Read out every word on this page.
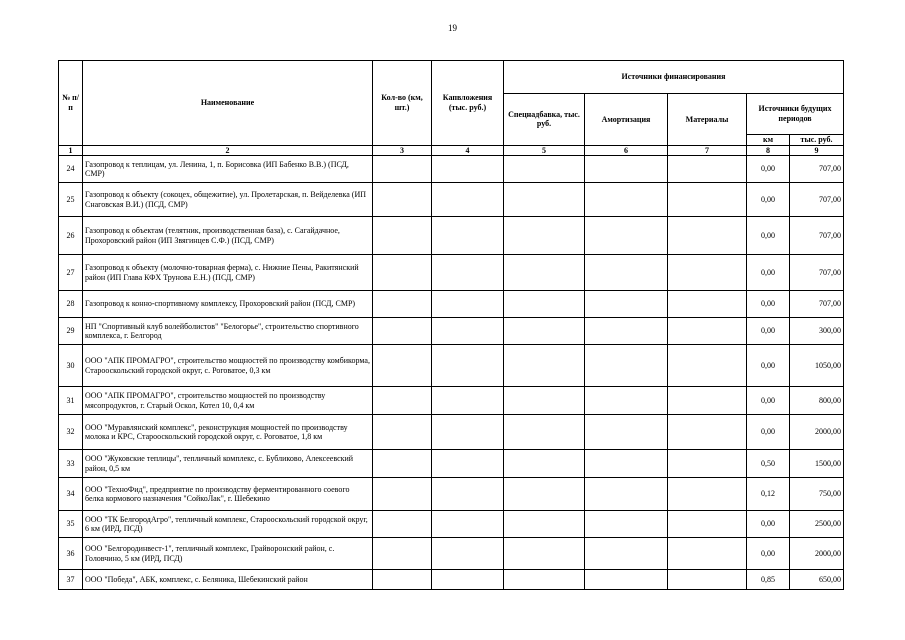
19
№ п/п	Наименование	Кол-во (км, шт.)	Капвложения (тыс. руб.)	Источники финансирования				
				Спецнадбавка, тыс. руб.	Амортизация	Материалы	Источники будущих периодов	
							км	тыс. руб.
1	2	3	4	5	6	7	8	9
24	Газопровод к теплицам, ул. Ленина, 1, п. Борисовка (ИП Бабенко В.В.) (ПСД, СМР)						0,00	707,00
25	Газопровод к объекту (сокоцех, общежитие), ул. Пролетарская, п. Вейделевка (ИП Снаговская В.И.) (ПСД, СМР)						0,00	707,00
26	Газопровод к объектам (телятник, производственная база), с. Сагайдачное, Прохоровский район (ИП Звягинцев С.Ф.) (ПСД, СМР)						0,00	707,00
27	Газопровод к объекту (молочно-товарная ферма), с. Нижние Пены, Ракитянский район (ИП Глава КФХ Трунова Е.Н.) (ПСД, СМР)						0,00	707,00
28	Газопровод к конно-спортивному комплексу, Прохоровский район (ПСД, СМР)						0,00	707,00
29	НП "Спортивный клуб волейболистов" "Белогорье", строительство спортивного комплекса, г. Белгород						0,00	300,00
30	ООО "АПК ПРОМАГРО", строительство мощностей по производству комбикорма, Старооскольский городской округ, с. Роговатое, 0,3 км						0,00	1050,00
31	ООО "АПК ПРОМАГРО", строительство мощностей по производству мясопродуктов, г. Старый Оскол, Котел 10, 0,4 км						0,00	800,00
32	ООО "Муравлянский комплекс", реконструкция мощностей по производству молока и КРС, Старооскольский городской округ, с. Роговатое, 1,8 км						0,00	2000,00
33	ООО "Жуковские теплицы", тепличный комплекс, с. Бубликово, Алексеевский район, 0,5 км						0,50	1500,00
34	ООО "ТехноФид", предприятие по производству ферментированного соевого белка кормового назначения "СойкоЛак", г. Шебекино						0,12	750,00
35	ООО "ТК БелгородАгро", тепличный комплекс, Старооскольский городской округ, 6 км (ИРД, ПСД)						0,00	2500,00
36	ООО "Белгородинвест-1", тепличный комплекс, Грайворонский район, с. Головчино, 5 км (ИРД, ПСД)						0,00	2000,00
37	ООО "Победа", АБК, комплекс, с. Беляника, Шебекинский район						0,85	650,00
